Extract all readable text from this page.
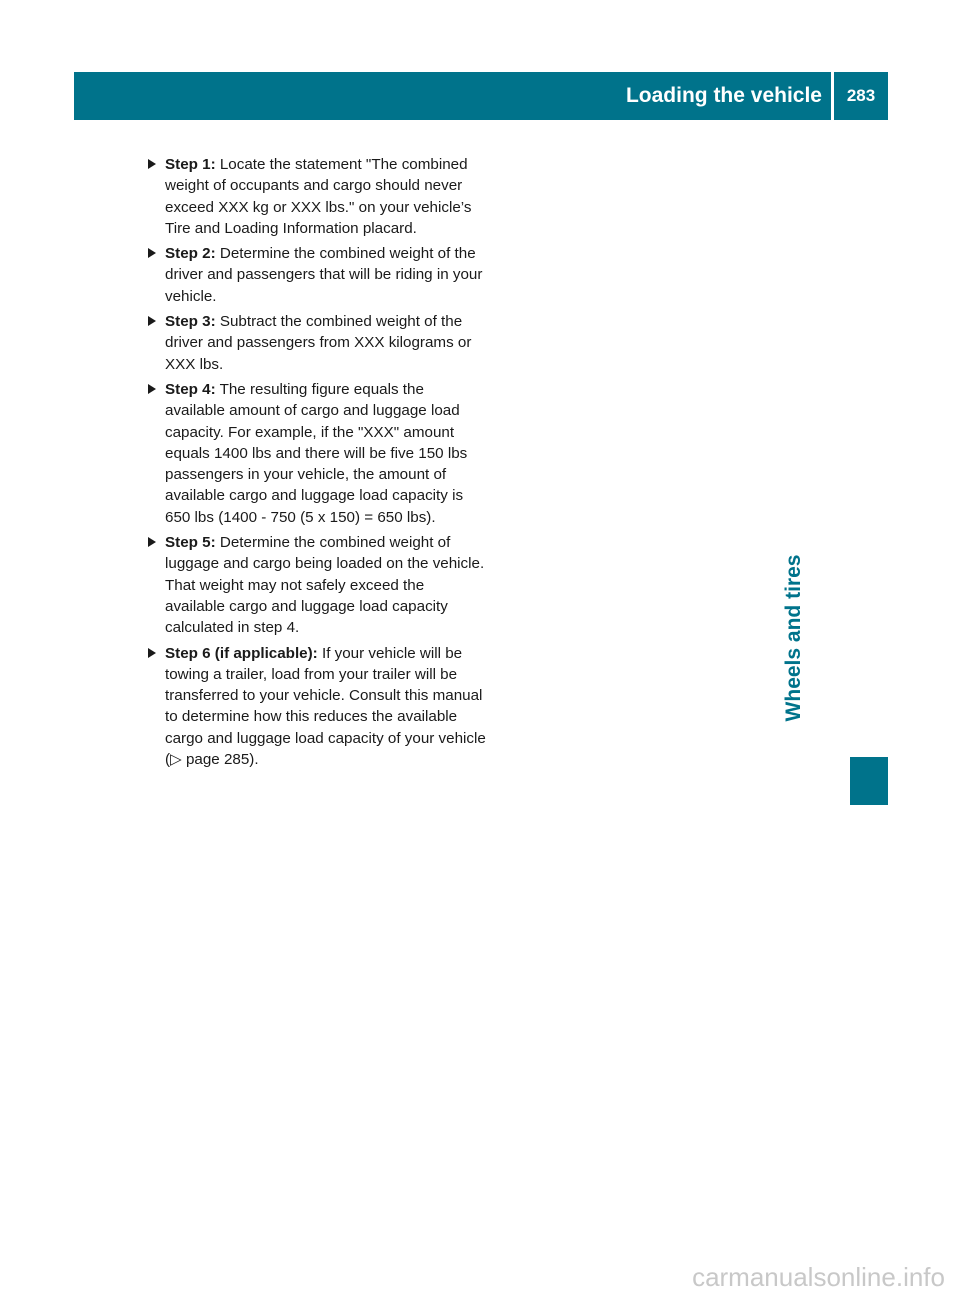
Loading the vehicle	283
Wheels and tires
Step 1: Locate the statement "The combined weight of occupants and cargo should never exceed XXX kg or XXX lbs." on your vehicle’s Tire and Loading Information placard.
Step 2: Determine the combined weight of the driver and passengers that will be riding in your vehicle.
Step 3: Subtract the combined weight of the driver and passengers from XXX kilograms or XXX lbs.
Step 4: The resulting figure equals the available amount of cargo and luggage load capacity. For example, if the "XXX" amount equals 1400 lbs and there will be five 150 lbs passengers in your vehicle, the amount of available cargo and luggage load capacity is 650 lbs (1400 - 750 (5 x 150) = 650 lbs).
Step 5: Determine the combined weight of luggage and cargo being loaded on the vehicle. That weight may not safely exceed the available cargo and luggage load capacity calculated in step 4.
Step 6 (if applicable): If your vehicle will be towing a trailer, load from your trailer will be transferred to your vehicle. Consult this manual to determine how this reduces the available cargo and luggage load capacity of your vehicle (▷ page 285).
carmanualsonline.info
